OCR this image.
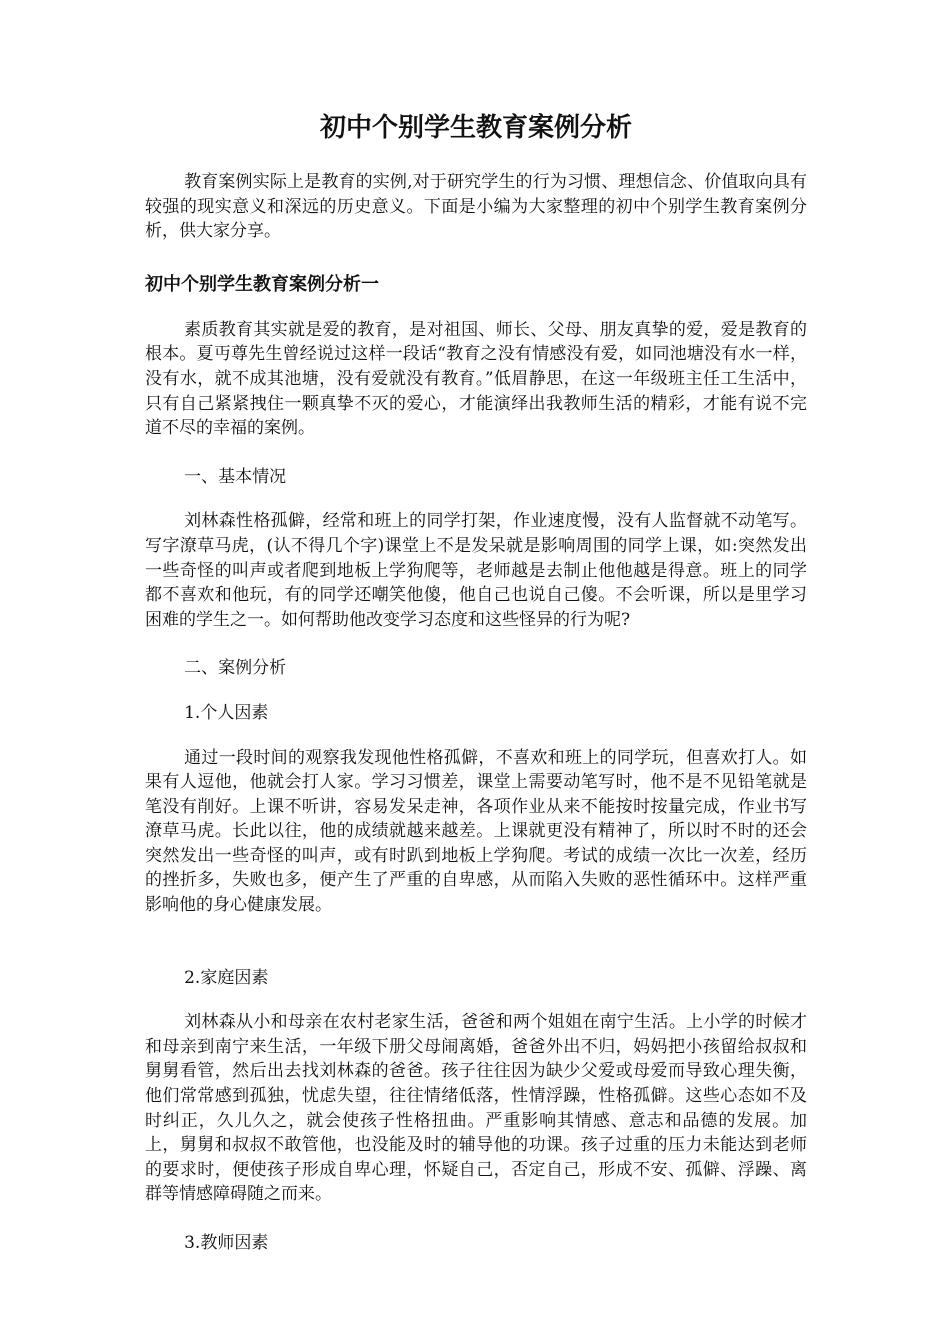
初中个别学生教育案例分析

教育案例实际上是教育的实例,对于研究学生的行为习惯、理想信念、价值取向具有较强的现实意义和深远的历史意义。下面是小编为大家整理的初中个别学生教育案例分析，供大家分享。

初中个别学生教育案例分析一

素质教育其实就是爱的教育，是对祖国、师长、父母、朋友真挚的爱，爱是教育的根本。夏丏尊先生曾经说过这样一段话“教育之没有情感没有爱，如同池塘没有水一样，没有水，就不成其池塘，没有爱就没有教育。”低眉静思，在这一年级班主任工生活中，只有自己紧紧拽住一颗真挚不灭的爱心，才能演绎出我教师生活的精彩，才能有说不完道不尽的幸福的案例。

一、基本情况

刘林森性格孤僻，经常和班上的同学打架，作业速度慢，没有人监督就不动笔写。写字潦草马虎，(认不得几个字)课堂上不是发呆就是影响周围的同学上课，如:突然发出一些奇怪的叫声或者爬到地板上学狗爬等，老师越是去制止他他越是得意。班上的同学都不喜欢和他玩，有的同学还嘲笑他傻，他自己也说自己傻。不会听课，所以是里学习困难的学生之一。如何帮助他改变学习态度和这些怪异的行为呢?

二、案例分析

1.个人因素

通过一段时间的观察我发现他性格孤僻，不喜欢和班上的同学玩，但喜欢打人。如果有人逗他，他就会打人家。学习习惯差，课堂上需要动笔写时，他不是不见铅笔就是笔没有削好。上课不听讲，容易发呆走神，各项作业从来不能按时按量完成，作业书写潦草马虎。长此以往，他的成绩就越来越差。上课就更没有精神了，所以时不时的还会突然发出一些奇怪的叫声，或有时趴到地板上学狗爬。考试的成绩一次比一次差，经历的挫折多，失败也多，便产生了严重的自卑感，从而陷入失败的恶性循环中。这样严重影响他的身心健康发展。

2.家庭因素

刘林森从小和母亲在农村老家生活，爸爸和两个姐姐在南宁生活。上小学的时候才和母亲到南宁来生活，一年级下册父母闹离婚，爸爸外出不归，妈妈把小孩留给叔叔和舅舅看管，然后出去找刘林森的爸爸。孩子往往因为缺少父爱或母爱而导致心理失衡，他们常常感到孤独，忧虑失望，往往情绪低落，性情浮躁，性格孤僻。这些心态如不及时纠正，久儿久之，就会使孩子性格扭曲。严重影响其情感、意志和品德的发展。加上，舅舅和叔叔不敢管他，也没能及时的辅导他的功课。孩子过重的压力未能达到老师的要求时，便使孩子形成自卑心理，怀疑自己，否定自己，形成不安、孤僻、浮躁、离群等情感障碍随之而来。

3.教师因素
